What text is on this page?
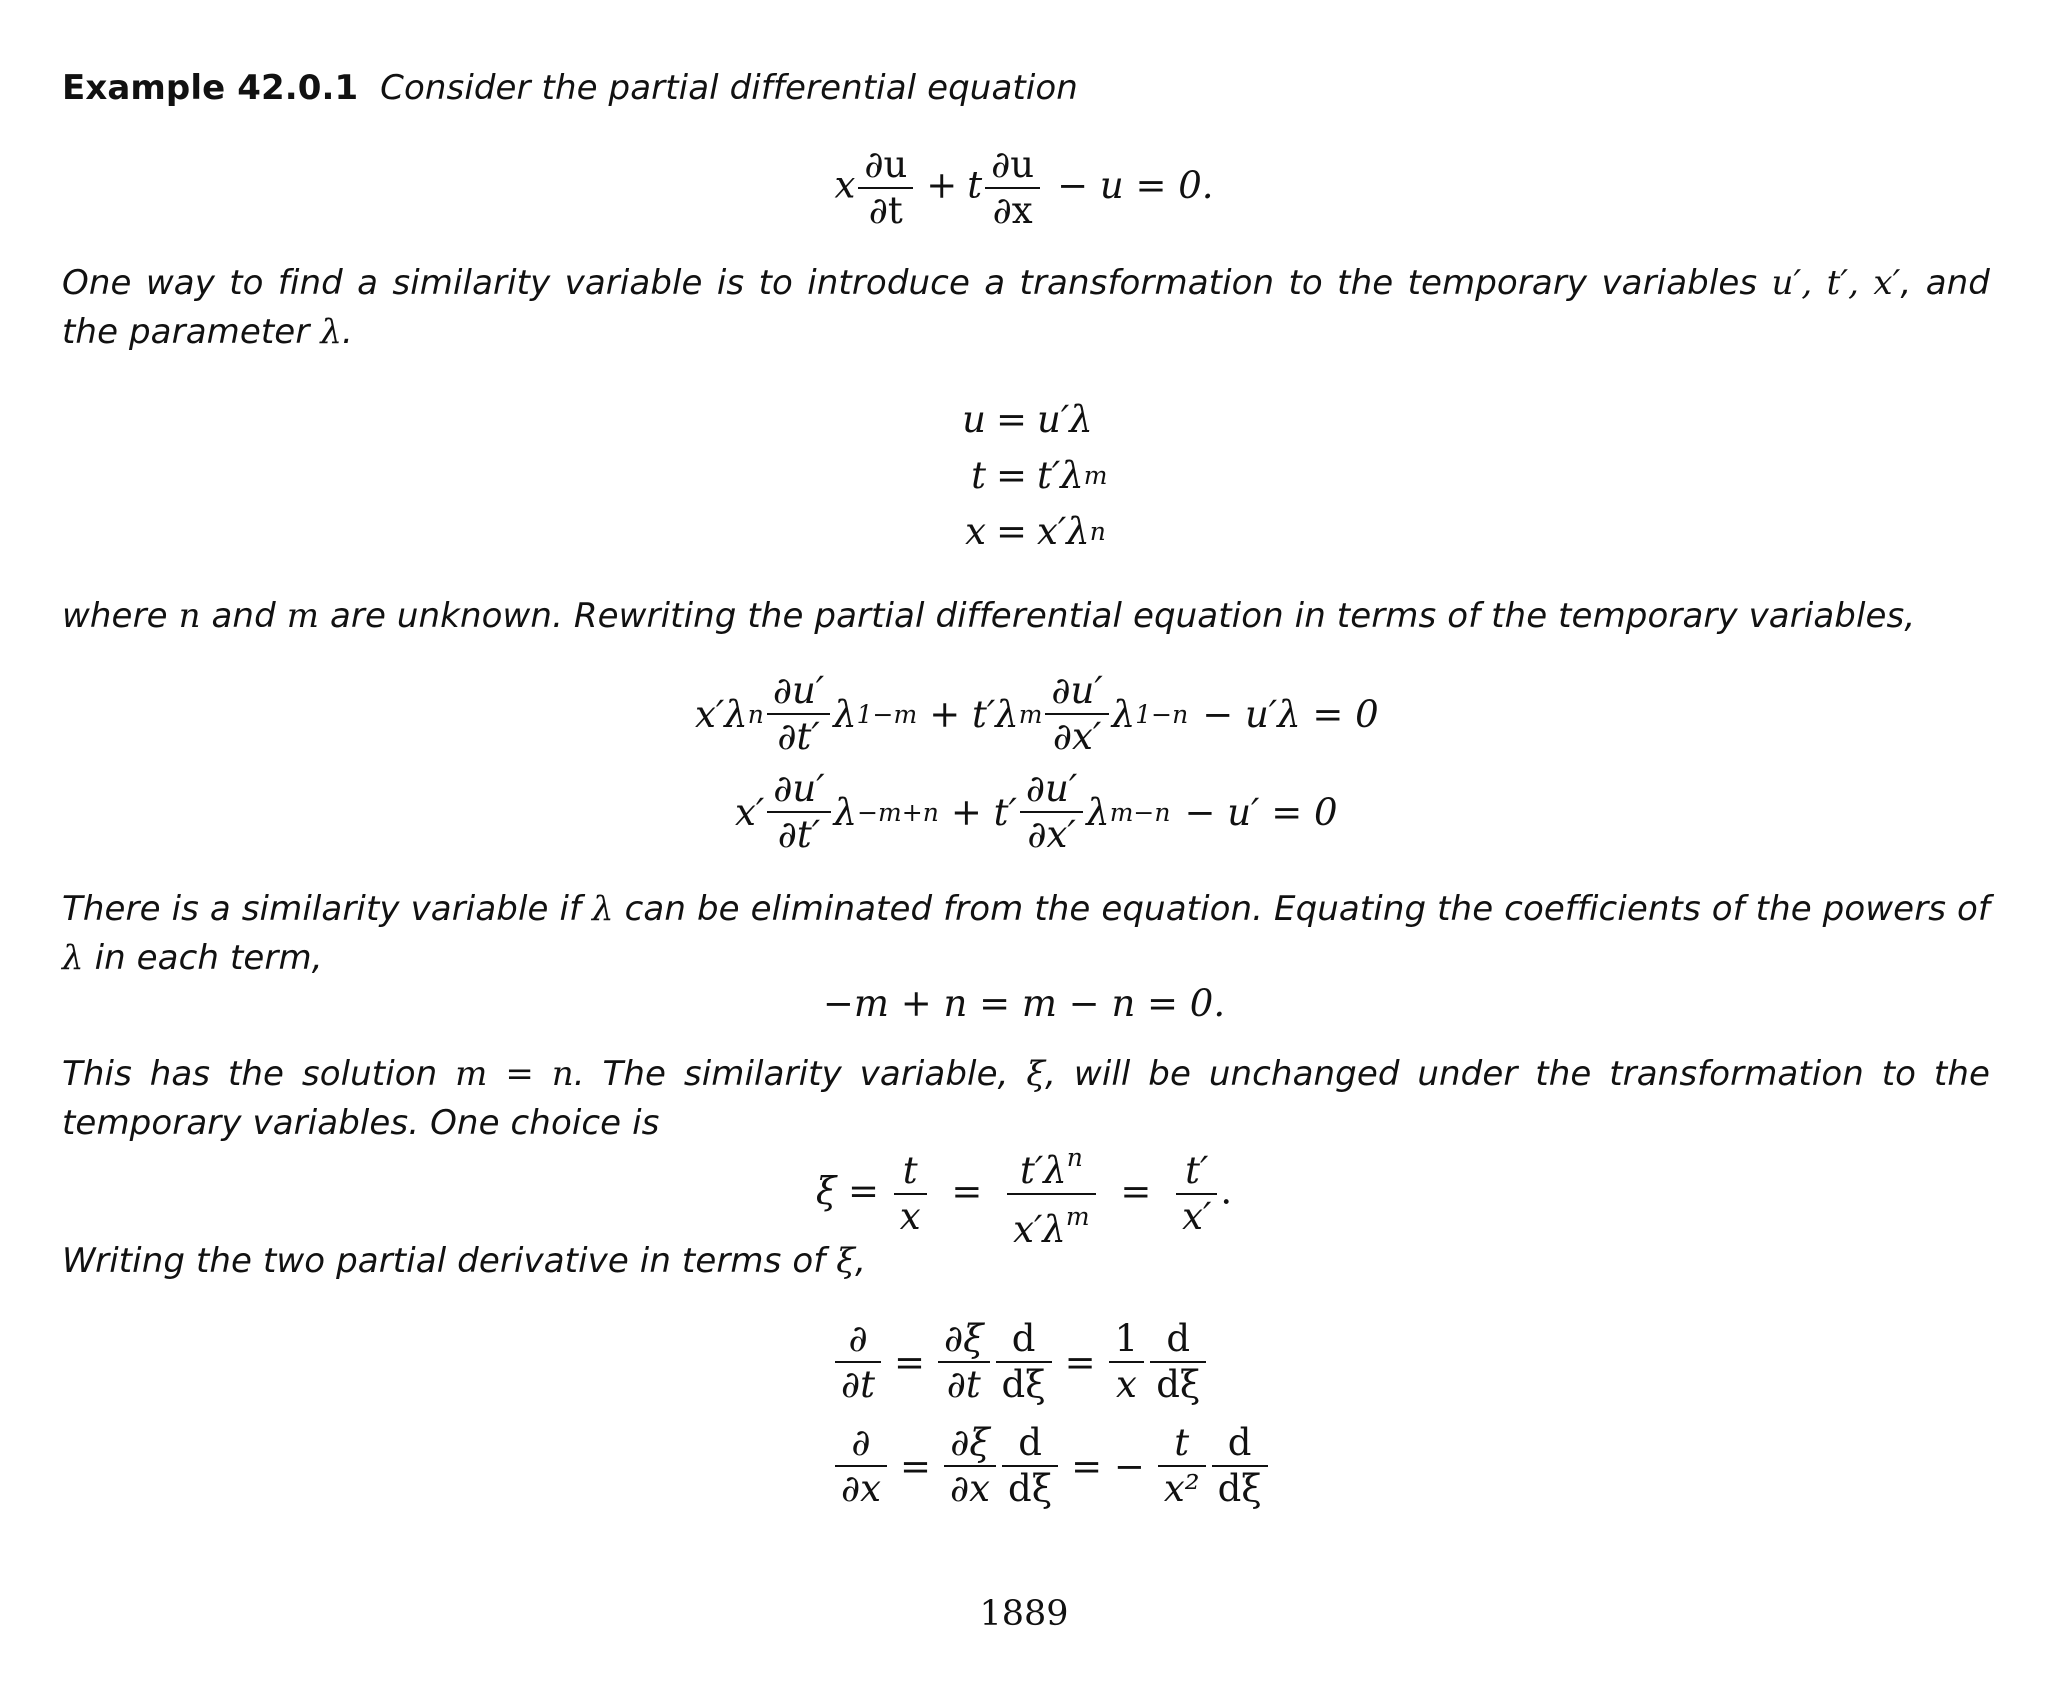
Example 42.0.1 Consider the partial differential equation
x $\frac{\partial u}{\partial t} + t \frac{\partial u}{\partial x} - u = 0$.
One way to find a similarity variable is to introduce a transformation to the temporary variables u′, t′, x′, and the parameter λ.
u = u′λ
t = t′λ m
x = x′λ n
where n and m are unknown. Rewriting the partial differential equation in terms of the temporary variables,
x′λ n $\frac{\partial u'}{\partial t'}$ λ 1−m + t′λ m $\frac{\partial u'}{\partial x'}$ λ 1−n − u′λ = 0
$x' \frac{\partial u'}{\partial t'}$ $\lambda -m+n + t' \frac{\partial u'}{\partial x'}$ λ m−n − u′ = 0
There is a similarity variable if λ can be eliminated from the equation. Equating the coefficients of the powers of λ in each term,
−m + n = m − n = 0.
This has the solution m = n. The similarity variable, ξ, will be unchanged under the transformation to the temporary variables. One choice is
$\xi = \frac{t}{x} = \frac{t'\lambda^n}{x'\lambda^m} = \frac{t'}{x'}$ .
Writing the two partial derivative in terms of ξ,
$\frac{\partial}{\partial t} = \frac{\partial\xi}{\partial t} \frac{d}{d\xi} = \frac{1}{x} \frac{d}{d\xi}$
$\frac{\partial}{\partial x} = \frac{\partial\xi}{\partial x} \frac{d}{d\xi}$ = − $\frac{t}{\text{x²}} \frac{d}{d\xi}$
1889
